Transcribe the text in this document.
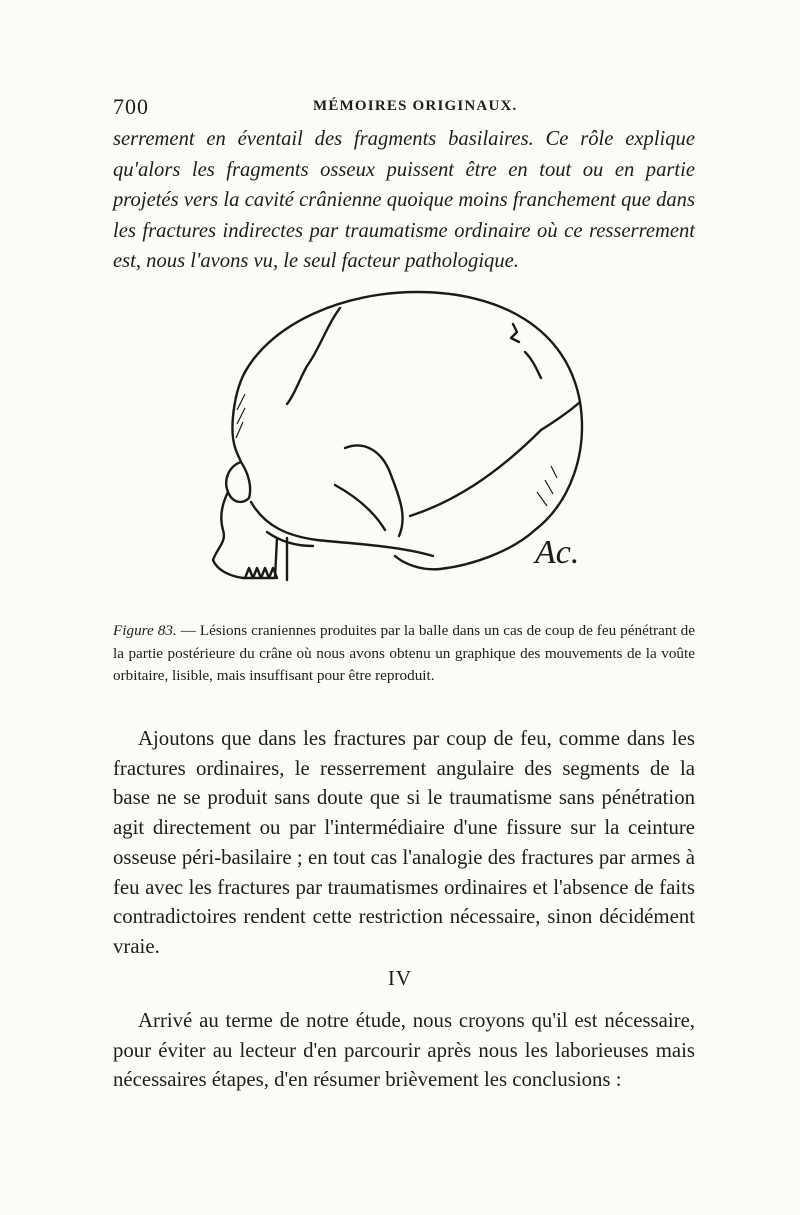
700	MÉMOIRES ORIGINAUX.

serrement en éventail des fragments basilaires. Ce rôle explique qu'alors les fragments osseux puissent être en tout ou en partie projetés vers la cavité crânienne quoique moins franchement que dans les fractures indirectes par traumatisme ordinaire où ce resserrement est, nous l'avons vu, le seul facteur pathologique.

Ac.

Figure 83. — Lésions craniennes produites par la balle dans un cas de coup de feu pénétrant de la partie postérieure du crâne où nous avons obtenu un graphique des mouvements de la voûte orbitaire, lisible, mais insuffisant pour être reproduit.

Ajoutons que dans les fractures par coup de feu, comme dans les fractures ordinaires, le resserrement angulaire des segments de la base ne se produit sans doute que si le traumatisme sans pénétration agit directement ou par l'intermédiaire d'une fissure sur la ceinture osseuse péri-basilaire ; en tout cas l'analogie des fractures par armes à feu avec les fractures par traumatismes ordinaires et l'absence de faits contradictoires rendent cette restriction nécessaire, sinon décidément vraie.

IV

Arrivé au terme de notre étude, nous croyons qu'il est nécessaire, pour éviter au lecteur d'en parcourir après nous les laborieuses mais nécessaires étapes, d'en résumer brièvement les conclusions :
